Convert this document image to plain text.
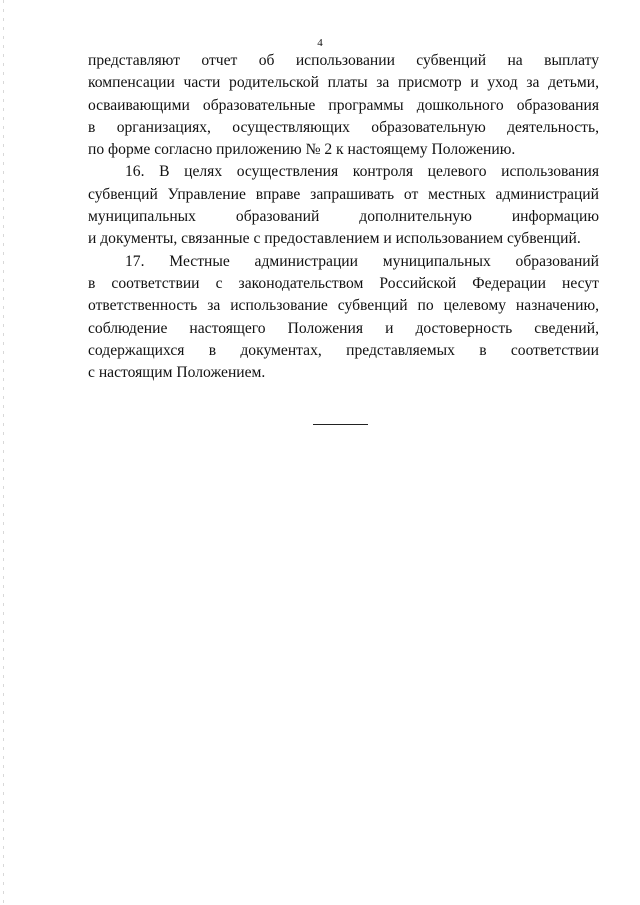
4

представляют отчет об использовании субвенций на выплату
компенсации части родительской платы за присмотр и уход за детьми,
осваивающими образовательные программы дошкольного образования
в организациях, осуществляющих образовательную деятельность,
по форме согласно приложению № 2 к настоящему Положению.

16. В целях осуществления контроля целевого использования
субвенций Управление вправе запрашивать от местных администраций
муниципальных образований дополнительную информацию
и документы, связанные с предоставлением и использованием субвенций.

17. Местные администрации муниципальных образований
в соответствии с законодательством Российской Федерации несут
ответственность за использование субвенций по целевому назначению,
соблюдение настоящего Положения и достоверность сведений,
содержащихся в документах, представляемых в соответствии
с настоящим Положением.
